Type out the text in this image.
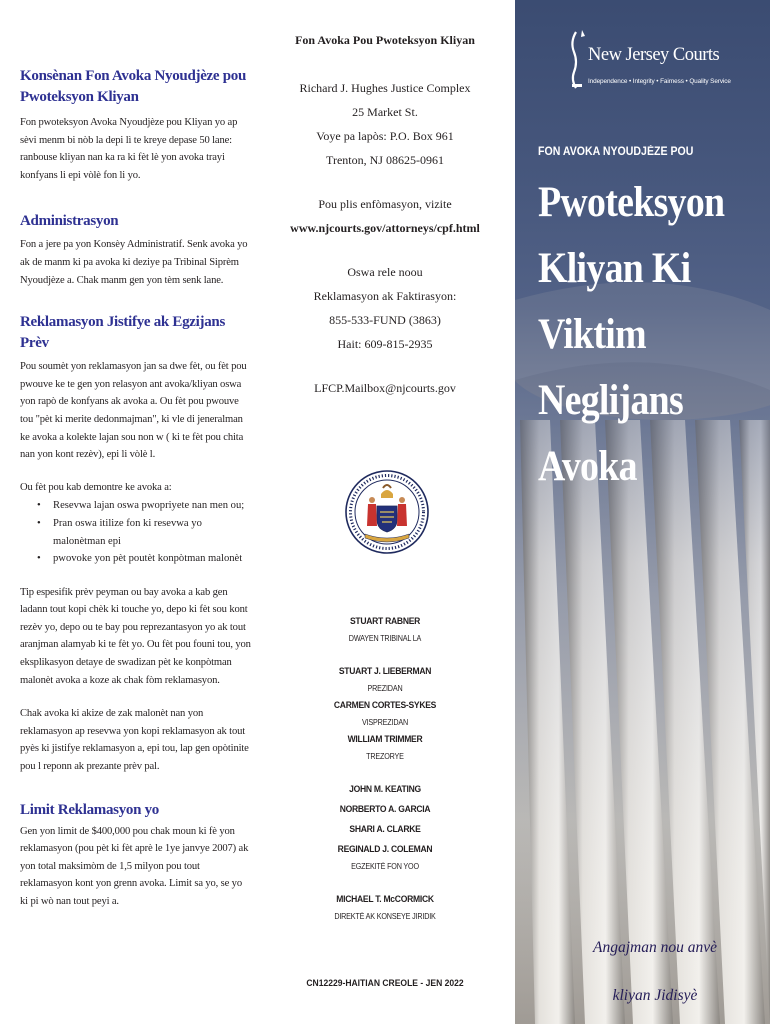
Konsènan Fon Avoka Nyoudjèze pou Pwoteksyon Kliyan

Fon pwoteksyon Avoka Nyoudjèze pou Kliyan yo ap sèvi menm bi nòb la depi lì te kreye depase 50 lane: ranbouse kliyan nan ka ra ki fèt lè yon avoka trayi konfyans li epi vòlè fon li yo.

Administrasyon

Fon a jere pa yon Konsèy Administratif. Senk avoka yo ak de manm ki pa avoka ki deziye pa Tribinal Siprèm Nyoudjèze a. Chak manm gen yon tèm senk lane.

Reklamasyon Jistifye ak Egzijans Prèv

Pou soumèt yon reklamasyon jan sa dwe fèt, ou fèt pou pwouve ke te gen yon relasyon ant avoka/kliyan oswa yon rapò de konfyans ak avoka a. Ou fèt pou pwouve tou "pèt ki merite dedonmajman", ki vle di jeneralman ke avoka a kolekte lajan sou non w ( ki te fèt pou chita nan yon kont rezèv), epi li vòlè l.

Ou fèt pou kab demontre ke avoka a:

• Resevwa lajan oswa pwopriyete nan men ou;
• Pran oswa itilize fon ki resevwa yo malonètman epi
• pwovoke yon pèt poutèt konpòtman malonèt

Tip espesifik prèv peyman ou bay avoka a kab gen ladann tout kopi chèk ki touche yo, depo ki fèt sou kont rezèv yo, depo ou te bay pou reprezantasyon yo ak tout aranjman alamyab ki te fèt yo. Ou fèt pou founi tou, yon eksplikasyon detaye de swadizan pèt ke konpòtman malonèt avoka a koze ak chak fòm reklamasyon.

Chak avoka ki akize de zak malonèt nan yon reklamasyon ap resevwa yon kopi reklamasyon ak tout pyès ki jistifye reklamasyon a, epi tou, lap gen opòtinite pou l reponn ak prezante prèv pal.

Limit Reklamasyon yo

Gen yon limit de $400,000 pou chak moun ki fè yon reklamasyon (pou pèt ki fèt aprè le 1ye janvye 2007) ak yon total maksimòm de 1,5 milyon pou tout reklamasyon kont yon grenn avoka. Limit sa yo, se yo ki pi wò nan tout peyi a.

Fon Avoka Pou Pwoteksyon Kliyan
Richard J. Hughes Justice Complex
25 Market St.
Voye pa lapòs: P.O. Box 961
Trenton, NJ 08625-0961
Pou plis enfòmasyon, vizite
www.njcourts.gov/attorneys/cpf.html
Oswa rele noou
Reklamasyon ak Faktirasyon:
855-533-FUND (3863)
Hait: 609-815-2935
LFCP.Mailbox@njcourts.gov
STUART RABNER
DWAYEN TRIBINAL LA
STUART J. LIEBERMAN
PREZIDAN
CARMEN CORTES-SYKES
VISPREZIDAN
WILLIAM TRIMMER
TREZORYE
JOHN M. KEATING
NORBERTO A. GARCIA
SHARI A. CLARKE
REGINALD J. COLEMAN
EGZEKITÈ FON YOO
MICHAEL T. McCORMICK
DIREKTÈ AK KONSEYE JIRIDIK
CN12229-HAITIAN CREOLE - JEN 2022
New Jersey Courts
Independence • Integrity • Fairness • Quality Service
FON AVOKA NYOUDJÈZE POU
Pwoteksyon
Kliyan Ki
Viktim
Neglijans
Avoka
Angajman nou anvè
kliyan Jidisyè
